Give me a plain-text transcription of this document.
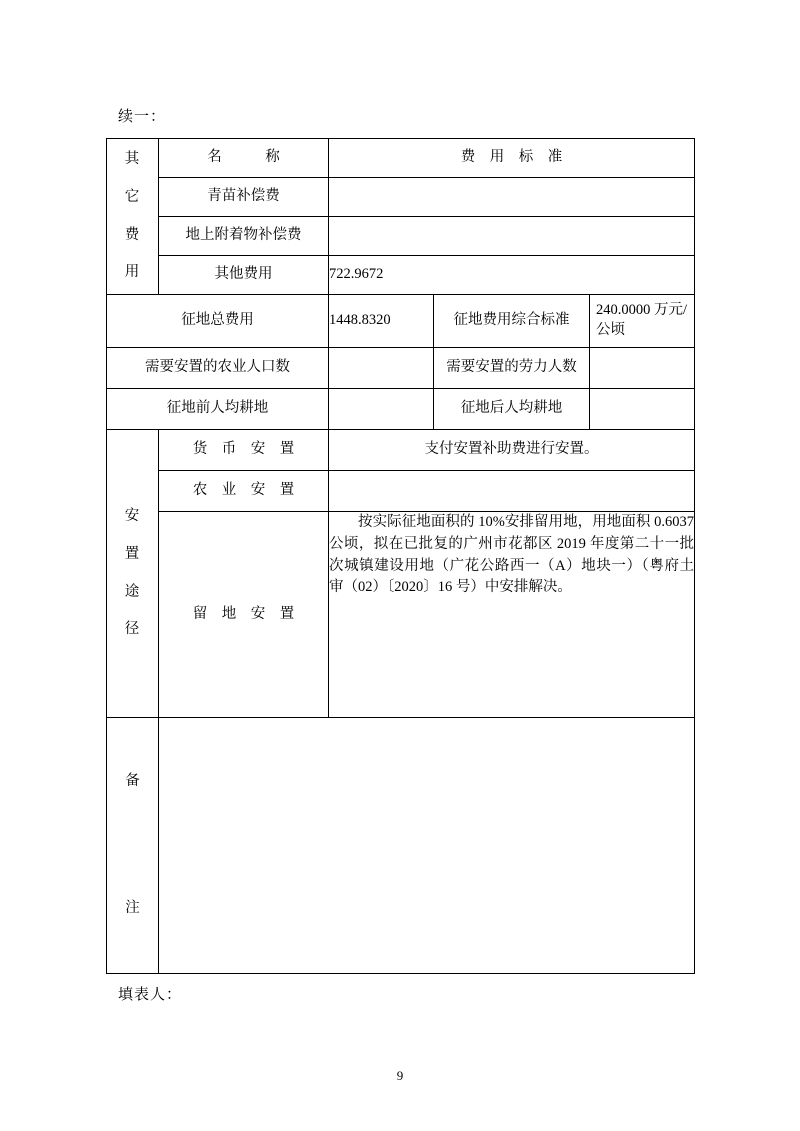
续一：
其
它
费
用	名　　　称	费　用　标　准		
	青苗补偿费			
	地上附着物补偿费			
	其他费用	722.9672		
征地总费用		1448.8320	征地费用综合标准	240.0000 万元/公顷
需要安置的农业人口数			需要安置的劳力人数	
征地前人均耕地			征地后人均耕地	

安
置
途
径	货　币　安　置	支付安置补助费进行安置。		
	农　业　安　置			
	留　地　安　置	按实际征地面积的 10%安排留用地，用地面积 0.6037 公顷，拟在已批复的广州市花都区 2019 年度第二十一批次城镇建设用地（广花公路西一（A）地块一）（粤府土审（02）〔2020〕16 号）中安排解决。		

备
注				

填表人：
9
